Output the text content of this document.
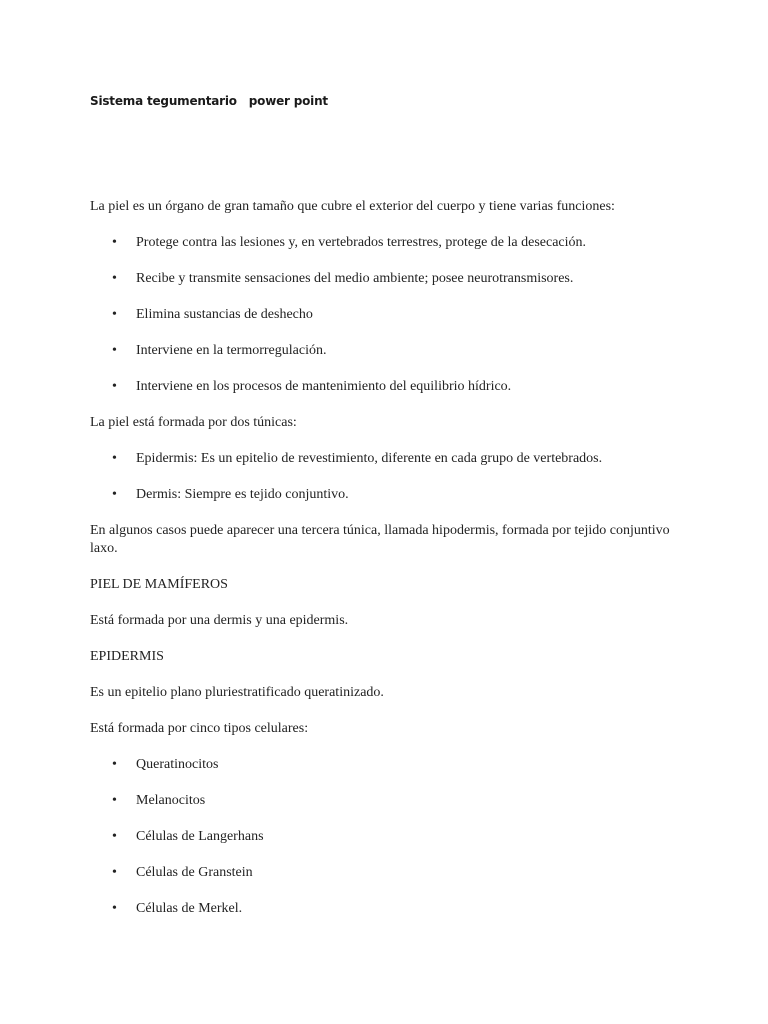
Sistema tegumentario   power point
La piel es un órgano de gran tamaño que cubre el exterior del cuerpo y tiene varias funciones:
• Protege contra las lesiones y, en vertebrados terrestres, protege de la desecación.
• Recibe y transmite sensaciones del medio ambiente; posee neurotransmisores.
• Elimina sustancias de deshecho
• Interviene en la termorregulación.
• Interviene en los procesos de mantenimiento del equilibrio hídrico.
La piel está formada por dos túnicas:
• Epidermis: Es un epitelio de revestimiento, diferente en cada grupo de vertebrados.
• Dermis: Siempre es tejido conjuntivo.
En algunos casos puede aparecer una tercera túnica, llamada hipodermis, formada por tejido conjuntivo laxo.
PIEL DE MAMÍFEROS
Está formada por una dermis y una epidermis.
EPIDERMIS
Es un epitelio plano pluriestratificado queratinizado.
Está formada por cinco tipos celulares:
• Queratinocitos
• Melanocitos
• Células de Langerhans
• Células de Granstein
• Células de Merkel.
